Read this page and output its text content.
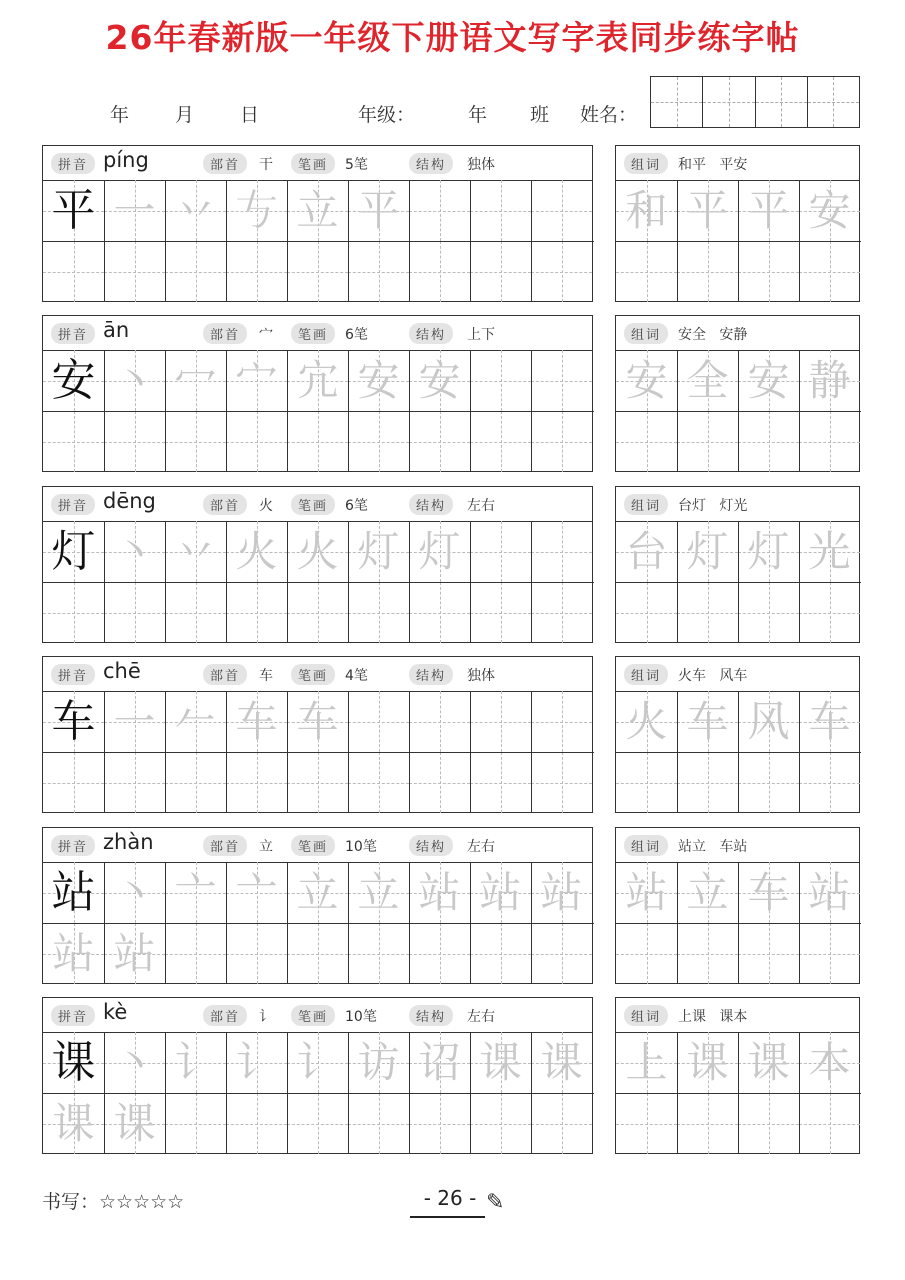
26年春新版一年级下册语文写字表同步练字帖
年 月 日	年级：	年 班 姓名：
拼音 píng	部首	干	笔画	5笔	结构	独体
平 一 丷 𠀁 立 平
组词	和平   平安
和 平 平 安
拼音 ān	部首	宀	笔画	6笔	结构	上下
安 丶 冖 宀 宂 安 安
组词	安全   安静
安 全 安 静
拼音 dēng	部首	火	笔画	6笔	结构	左右
灯 丶 丷 火 火 灯 灯
组词	台灯   灯光
台 灯 灯 光
拼音 chē	部首	车	笔画	4笔	结构	独体
车 一 𠂉 车 车
组词	火车   风车
火 车 风 车
拼音 zhàn	部首	立	笔画	10笔	结构	左右
站 丶 亠 亠 立 立 站 站 站
站 站
组词	站立   车站
站 立 车 站
拼音 kè	部首	讠	笔画	10笔	结构	左右
课 丶 讠 讠 讠 访 诏 课 课
课 课
组词	上课   课本
上 课 课 本
书写：☆☆☆☆☆	- 26 - ✎
